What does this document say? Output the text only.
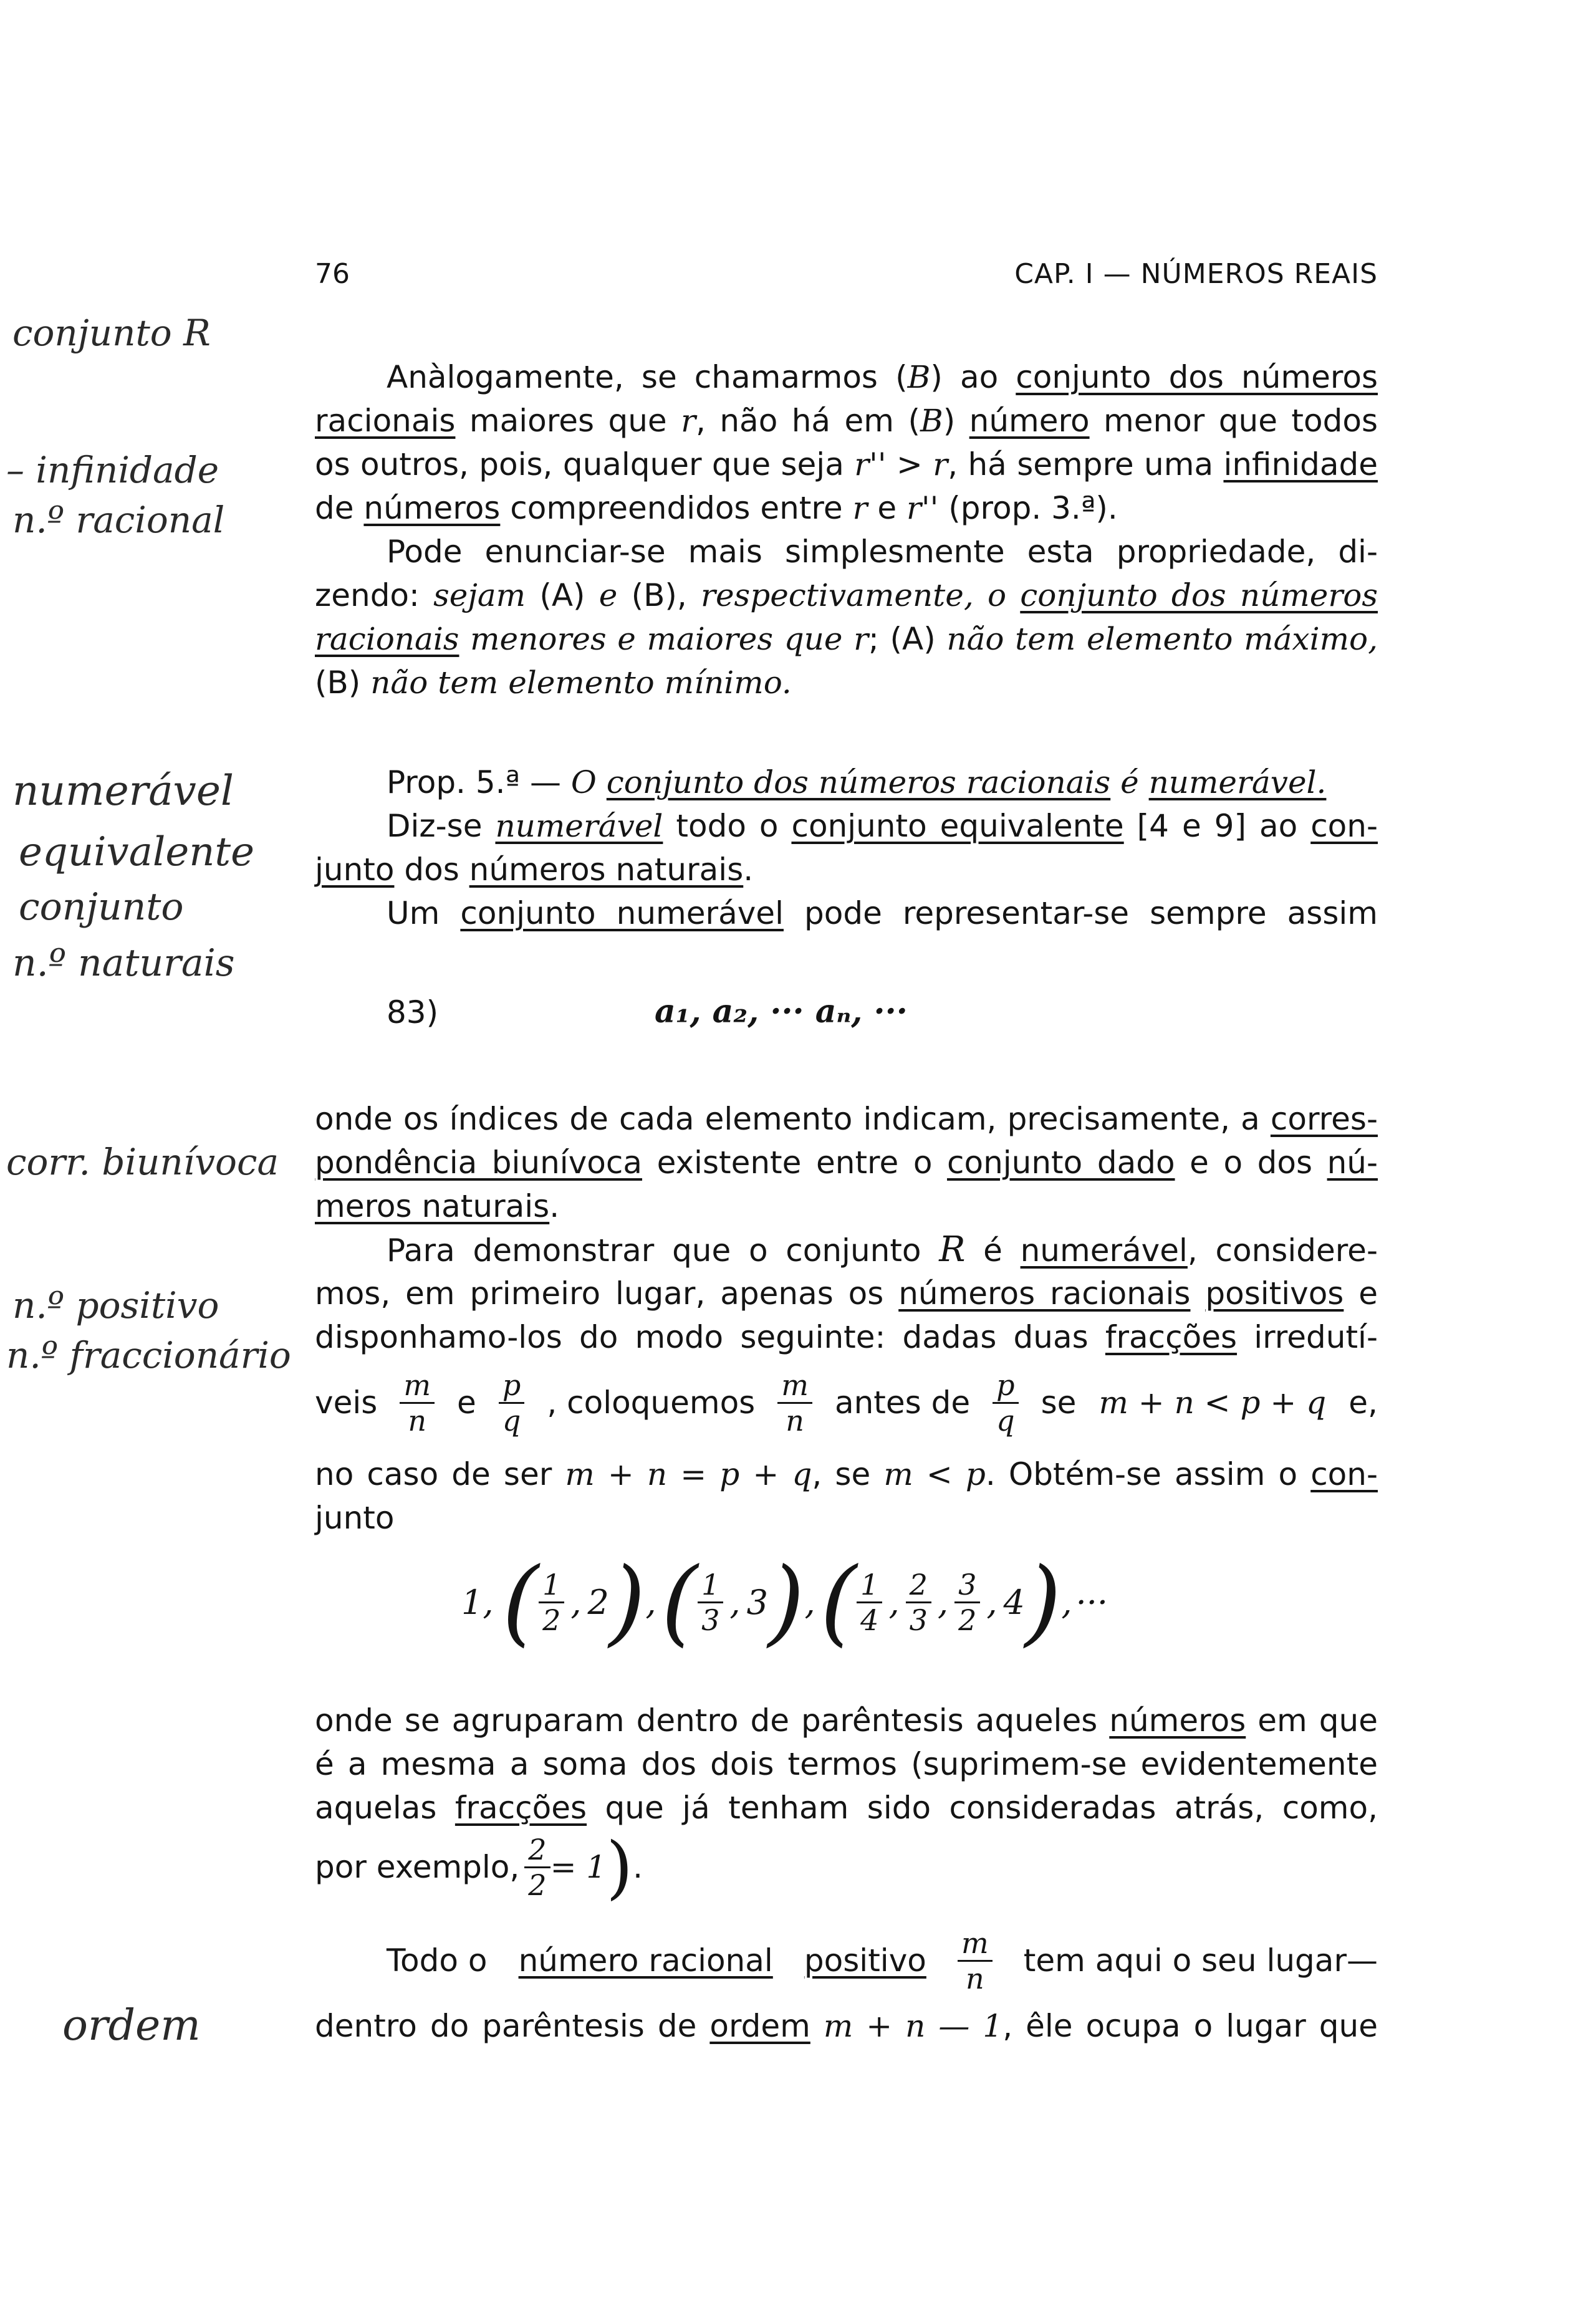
76	CAP. I — NÚMEROS REAIS
conjunto R
– infinidade
n.º racional
numerável
equivalente
conjunto
n.º naturais
corr. biunívoca
n.º positivo
n.º fraccionário
ordem
Anàlogamente, se chamarmos (B) ao conjunto dos números
racionais maiores que r, não há em (B) número menor que todos
os outros, pois, qualquer que seja r'' > r, há sempre uma infinidade
de números compreendidos entre r e r'' (prop. 3.ª).
Pode enunciar-se mais simplesmente esta propriedade, di-
zendo: sejam (A) e (B), respectivamente, o conjunto dos números
racionais menores e maiores que r; (A) não tem elemento máximo,
(B) não tem elemento mínimo.
Prop. 5.ª — O conjunto dos números racionais é numerável.
Diz-se numerável todo o conjunto equivalente [4 e 9] ao con-
junto dos números naturais.
Um conjunto numerável pode representar-se sempre assim
83)	a₁, a₂, ··· aₙ, ···
onde os índices de cada elemento indicam, precisamente, a corres-
pondência biunívoca existente entre o conjunto dado e o dos nú-
meros naturais.
Para demonstrar que o conjunto R é numerável, considere-
mos, em primeiro lugar, apenas os números racionais positivos e
disponhamo-los do modo seguinte: dadas duas fracções irredutí-
veis $\frac{m}{n}$ e $\frac{p}{q}$ , coloquemos $\frac{m}{n}$ antes de $\frac{p}{q}$ se m + n < p + q e,
no caso de ser m + n = p + q, se m < p. Obtém-se assim o con-
junto
1 , ( $\frac{1}{2}$ , 2 ) , ( $\frac{1}{3}$ , 3 ) , ( $\frac{1}{4}$ , $\frac{2}{3}$ , $\frac{3}{2}$ , 4 ) , ···
onde se agruparam dentro de parêntesis aqueles números em que
é a mesma a soma dos dois termos (suprimem-se evidentemente
aquelas fracções que já tenham sido consideradas atrás, como,
por exemplo, $\frac{2}{2} = 1$ ) .
Todo o número racional positivo $\frac{m}{n}$ tem aqui o seu lugar—
dentro do parêntesis de ordem m + n — 1, êle ocupa o lugar que
